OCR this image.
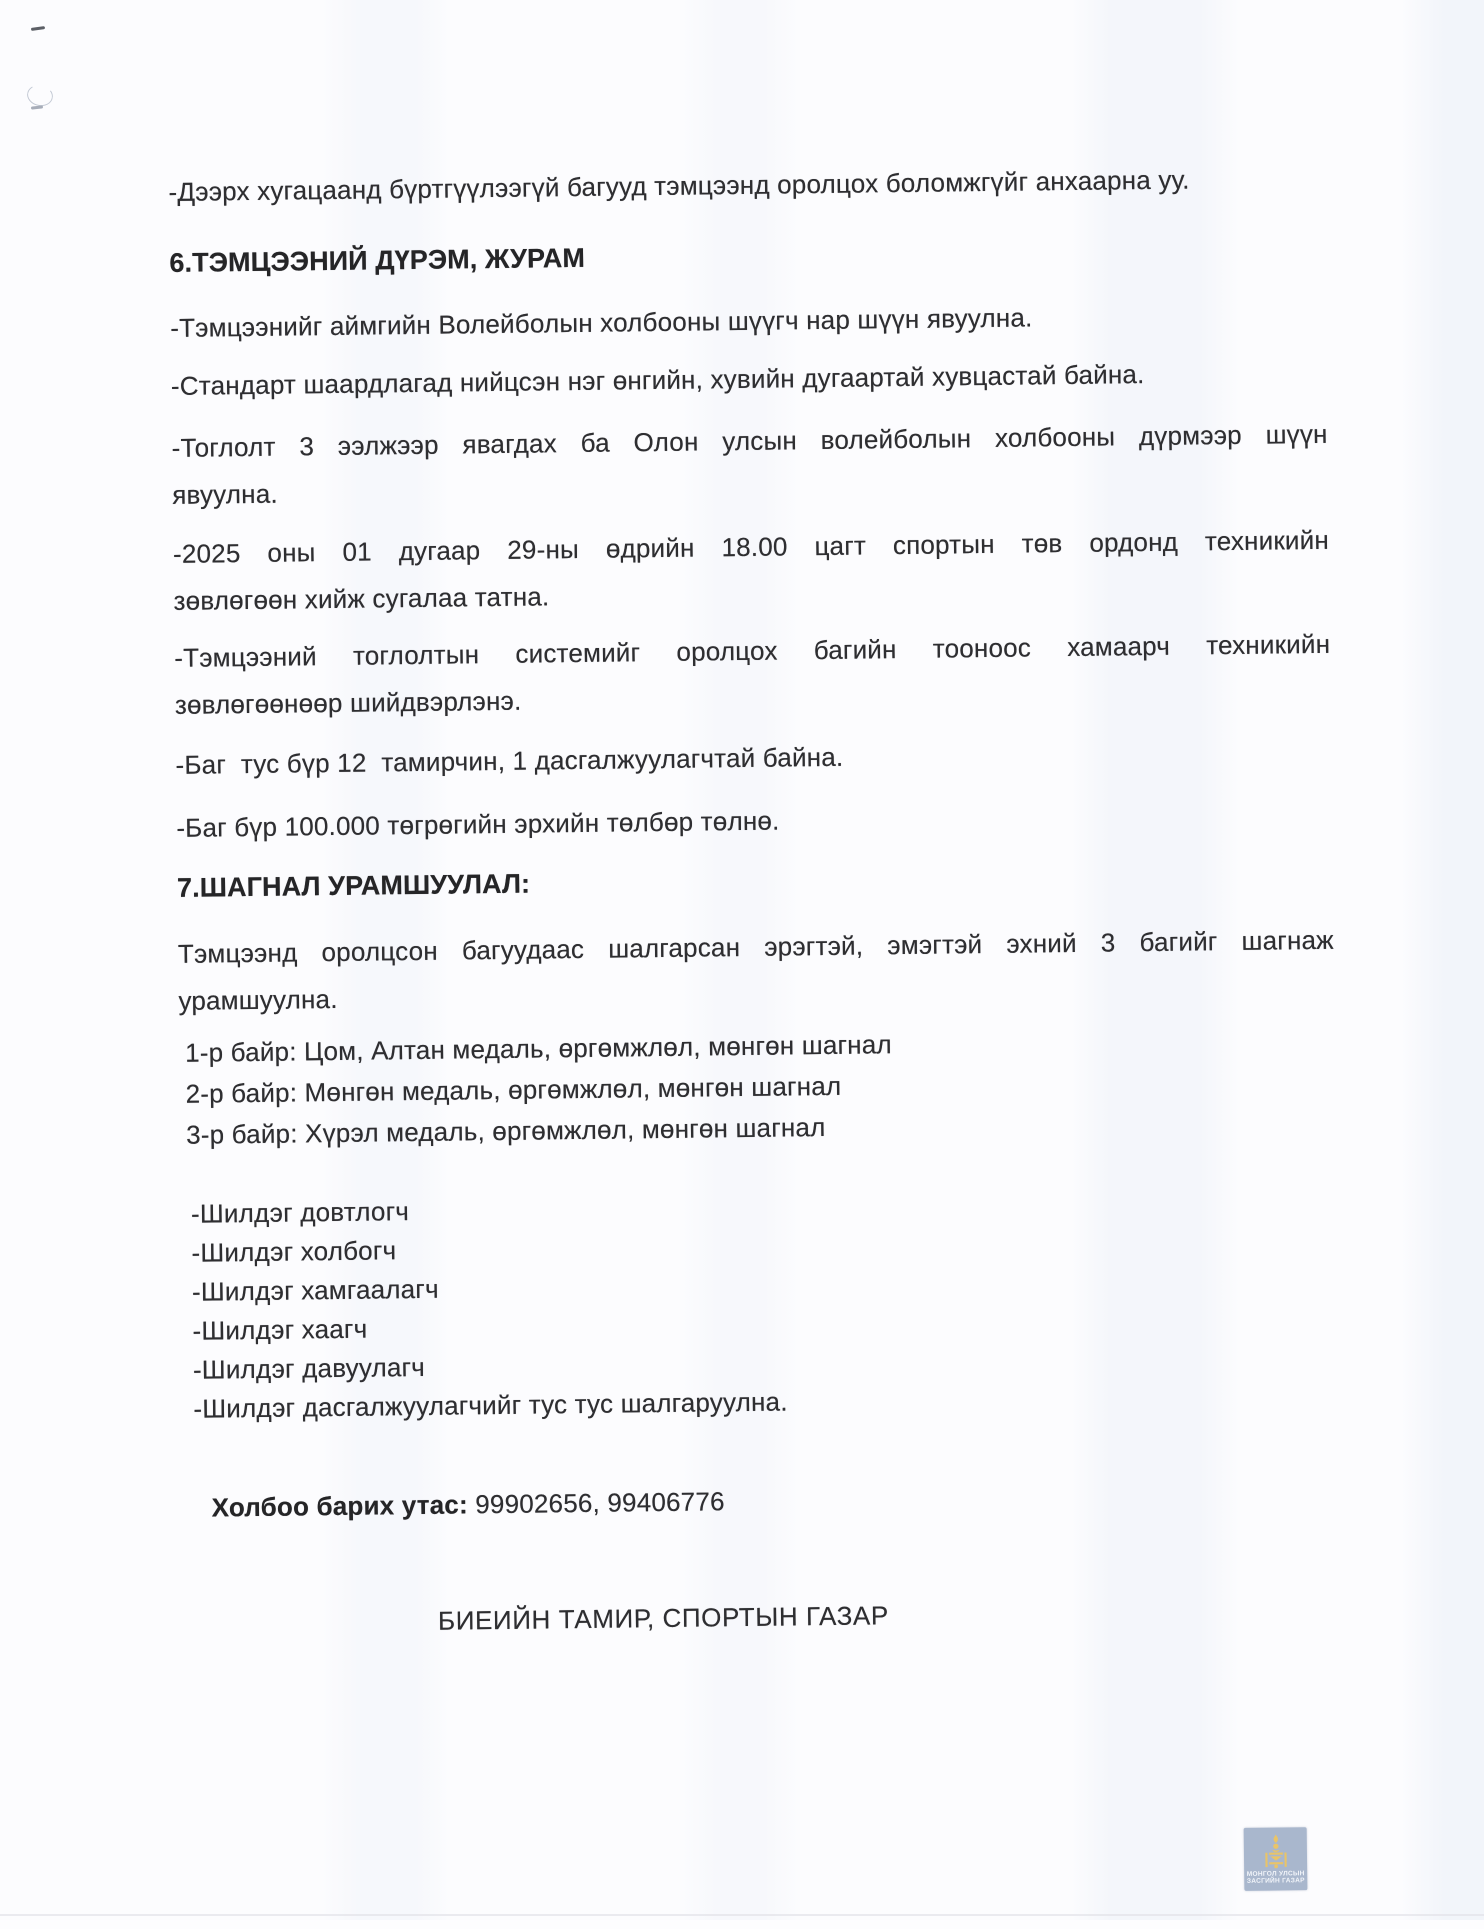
-Дээрх хугацаанд бүртгүүлээгүй багууд тэмцээнд оролцох боломжгүйг анхаарна уу.

6.ТЭМЦЭЭНИЙ ДҮРЭМ, ЖУРАМ

-Тэмцээнийг аймгийн Волейболын холбооны шүүгч нар шүүн явуулна.

-Стандарт шаардлагад нийцсэн нэг өнгийн, хувийн дугаартай хувцастай байна.

-Тоглолт 3 ээлжээр явагдах ба Олон улсын волейболын холбооны дүрмээр шүүн

явуулна.

-2025 оны 01 дугаар 29-ны өдрийн 18.00 цагт спортын төв ордонд техникийн

зөвлөгөөн хийж сугалаа татна.

-Тэмцээний тоглолтын системийг оролцох багийн тооноос хамаарч техникийн

зөвлөгөөнөөр шийдвэрлэнэ.

-Баг  тус бүр 12  тамирчин, 1 дасгалжуулагчтай байна.

-Баг бүр 100.000 төгрөгийн эрхийн төлбөр төлнө.

7.ШАГНАЛ УРАМШУУЛАЛ:

Тэмцээнд оролцсон багуудаас шалгарсан эрэгтэй, эмэгтэй эхний 3 багийг шагнаж

урамшуулна.

1-р байр: Цом, Алтан медаль, өргөмжлөл, мөнгөн шагнал

2-р байр: Мөнгөн медаль, өргөмжлөл, мөнгөн шагнал

3-р байр: Хүрэл медаль, өргөмжлөл, мөнгөн шагнал

-Шилдэг довтлогч

-Шилдэг холбогч

-Шилдэг хамгаалагч

-Шилдэг хаагч

-Шилдэг давуулагч

-Шилдэг дасгалжуулагчийг тус тус шалгаруулна.

Холбоо барих утас: 99902656, 99406776

БИЕИЙН ТАМИР, СПОРТЫН ГАЗАР

МОНГОЛ УЛСЫН
ЗАСГИЙН ГАЗАР
